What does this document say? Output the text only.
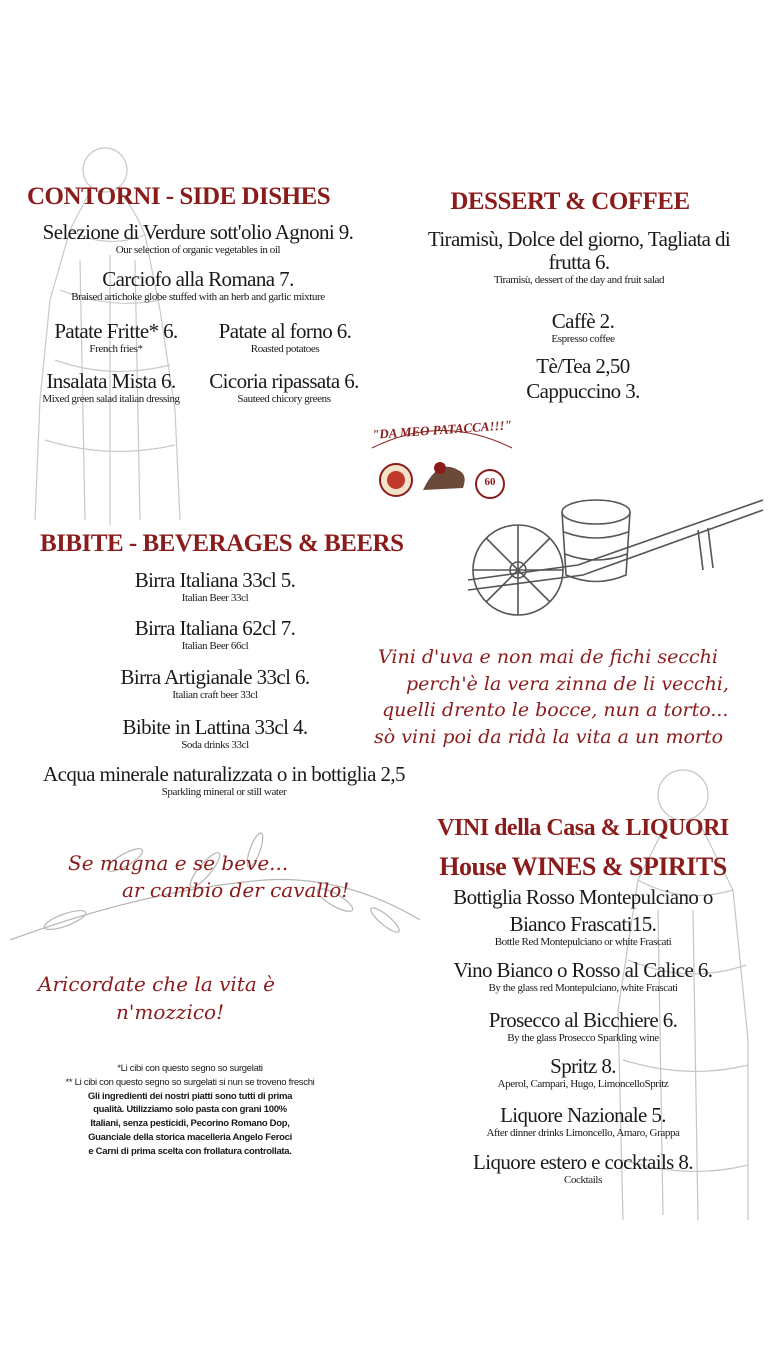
CONTORNI - SIDE DISHES
Selezione di Verdure sott'olio Agnoni 9.
Our selection of organic vegetables in oil
Carciofo alla Romana 7.
Braised artichoke globe stuffed with an herb and garlic mixture
Patate Fritte* 6.
French fries*
Patate al forno 6.
Roasted potatoes
Insalata Mista 6.
Mixed green salad italian dressing
Cicoria ripassata 6.
Sauteed chicory greens
DESSERT & COFFEE
Tiramisù, Dolce del giorno, Tagliata di
frutta 6.
Tiramisù, dessert of the day and fruit salad
Caffè 2.
Espresso coffee
Tè/Tea 2,50
Cappuccino 3.
"DA MEO PATACCA!!!"
60
BIBITE - BEVERAGES & BEERS
Birra Italiana 33cl 5.
Italian Beer 33cl
Birra Italiana 62cl 7.
Italian Beer 66cl
Birra Artigianale 33cl 6.
Italian craft beer 33cl
Bibite in Lattina 33cl 4.
Soda drinks 33cl
Acqua minerale naturalizzata o in bottiglia 2,5
Sparkling mineral or still water
Vini d'uva e non mai de fichi secchi
perch'è la vera zinna de li vecchi,
quelli drento le bocce, nun a torto...
sò vini poi da ridà la vita a un morto
Se magna e se beve...
ar cambio der cavallo!
Aricordate che la vita è
n'mozzico!
*Li cibi con questo segno so surgelati
** Li cibi con questo segno so surgelati si nun se troveno freschi
Gli ingredienti dei nostri piatti sono tutti di prima
qualità. Utilizziamo solo pasta con grani 100%
Italiani, senza pesticidi, Pecorino Romano Dop,
Guanciale della storica macelleria Angelo Feroci
e Carni di prima scelta con frollatura controllata.
VINI della Casa & LIQUORI
House WINES & SPIRITS
Bottiglia Rosso Montepulciano o
Bianco Frascati15.
Bottle Red Montepulciano or white Frascati
Vino Bianco o Rosso al Calice 6.
By the glass red Montepulciano, white Frascati
Prosecco al Bicchiere 6.
By the glass Prosecco Sparkling wine
Spritz 8.
Aperol, Campari, Hugo, LimoncelloSpritz
Liquore Nazionale 5.
After dinner drinks Limoncello, Amaro, Grappa
Liquore estero e cocktails 8.
Cocktails
